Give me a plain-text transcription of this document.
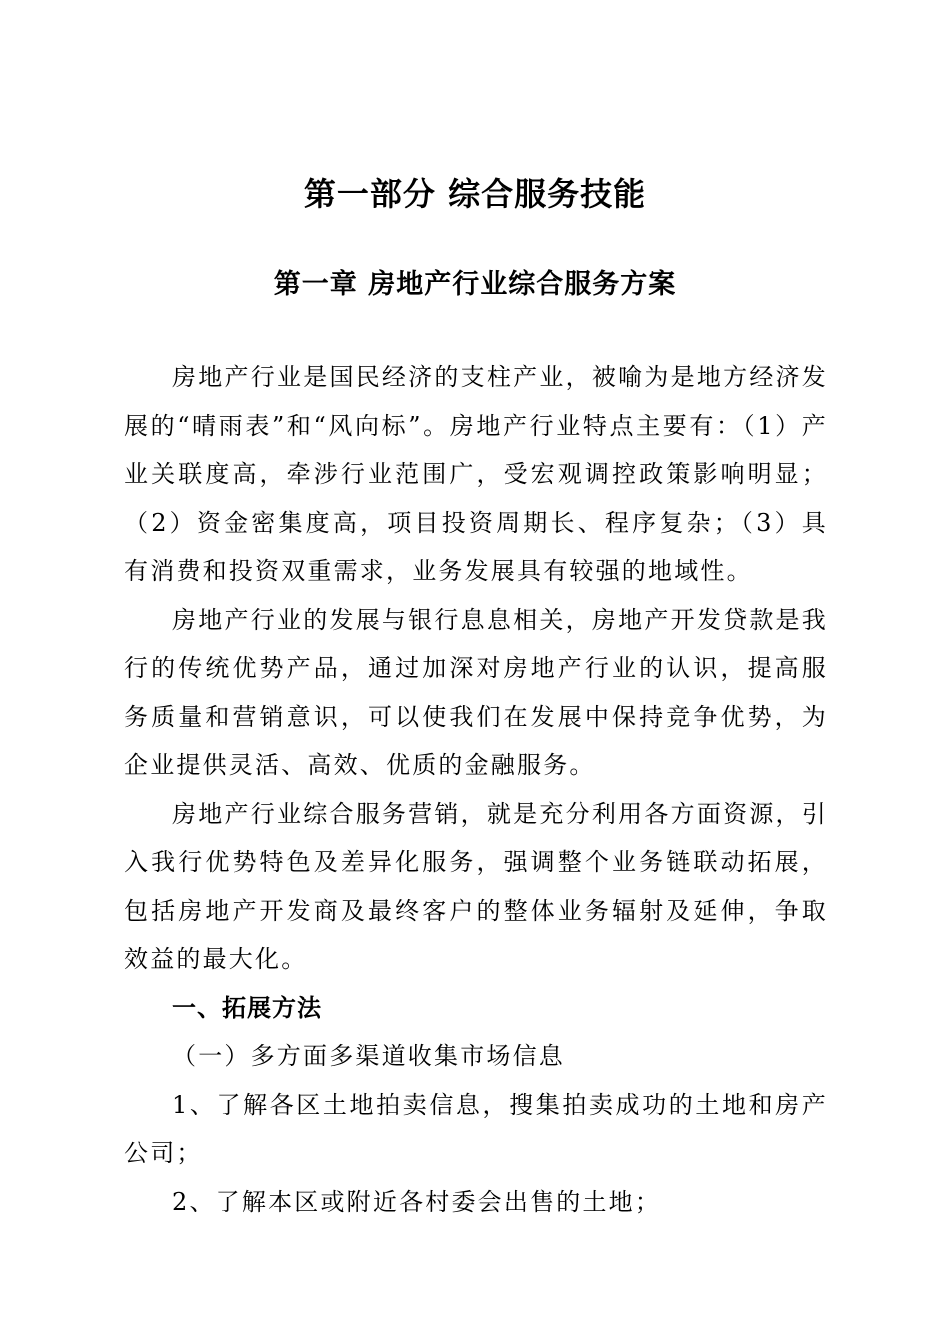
第一部分 综合服务技能
第一章 房地产行业综合服务方案

房地产行业是国民经济的支柱产业，被喻为是地方经济发展的“晴雨表”和“风向标”。房地产行业特点主要有：（1）产业关联度高，牵涉行业范围广，受宏观调控政策影响明显；（2）资金密集度高，项目投资周期长、程序复杂；（3）具有消费和投资双重需求，业务发展具有较强的地域性。

房地产行业的发展与银行息息相关，房地产开发贷款是我行的传统优势产品，通过加深对房地产行业的认识，提高服务质量和营销意识，可以使我们在发展中保持竞争优势，为企业提供灵活、高效、优质的金融服务。

房地产行业综合服务营销，就是充分利用各方面资源，引入我行优势特色及差异化服务，强调整个业务链联动拓展，包括房地产开发商及最终客户的整体业务辐射及延伸，争取效益的最大化。

一、拓展方法

（一）多方面多渠道收集市场信息

1、了解各区土地拍卖信息，搜集拍卖成功的土地和房产公司；

2、了解本区或附近各村委会出售的土地；
